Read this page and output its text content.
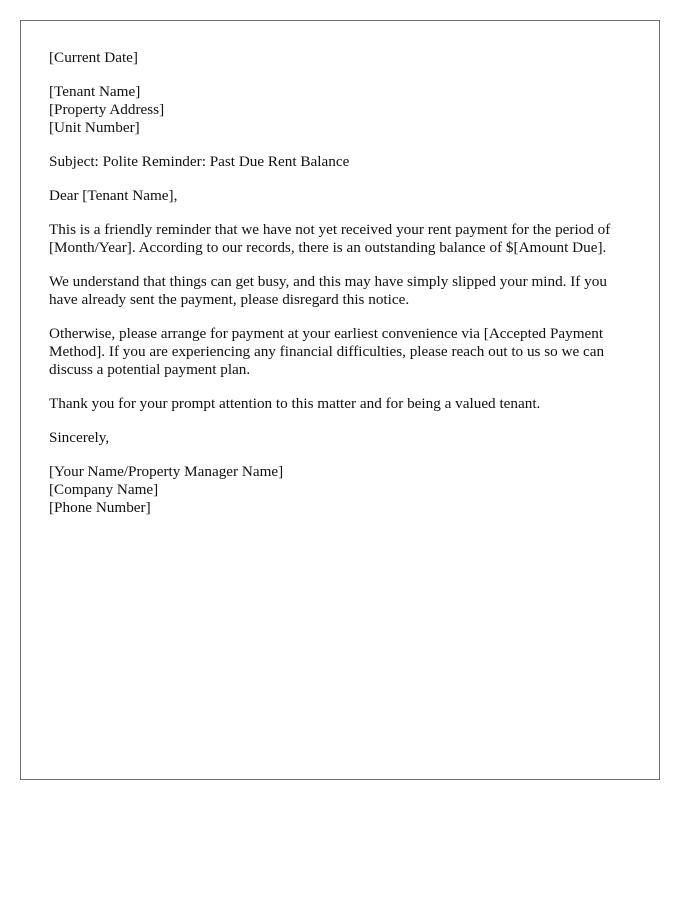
[Current Date]

[Tenant Name]

[Property Address]

[Unit Number]

Subject: Polite Reminder: Past Due Rent Balance

Dear [Tenant Name],

This is a friendly reminder that we have not yet received your rent payment for the period of [Month/Year]. According to our records, there is an outstanding balance of $[Amount Due].

We understand that things can get busy, and this may have simply slipped your mind. If you have already sent the payment, please disregard this notice.

Otherwise, please arrange for payment at your earliest convenience via [Accepted Payment Method]. If you are experiencing any financial difficulties, please reach out to us so we can discuss a potential payment plan.

Thank you for your prompt attention to this matter and for being a valued tenant.

Sincerely,

[Your Name/Property Manager Name]

[Company Name]

[Phone Number]
